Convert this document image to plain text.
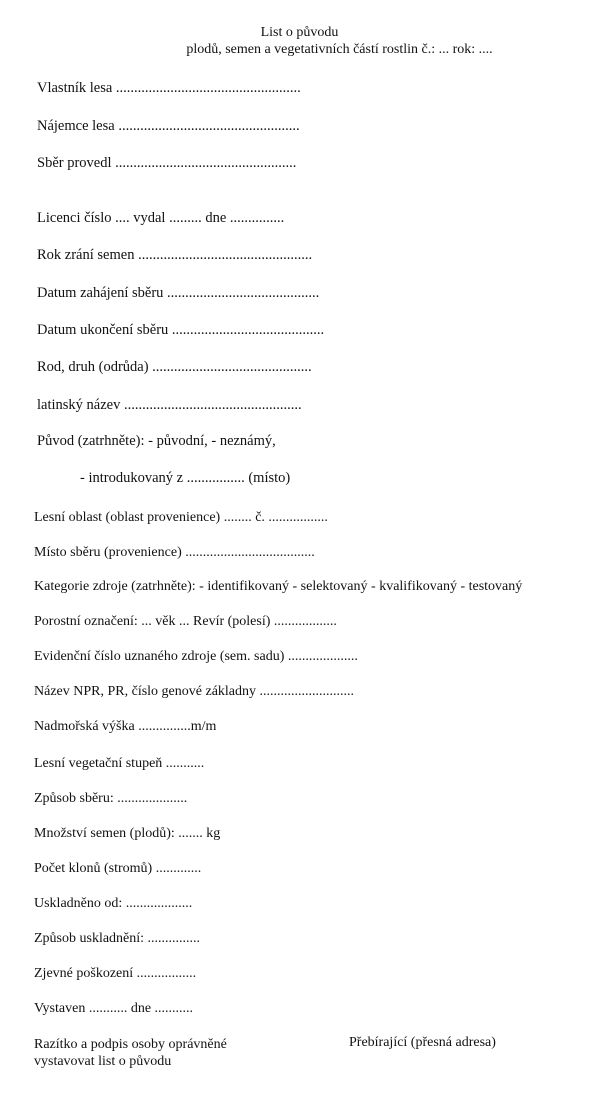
List o původu
plodů, semen a vegetativních částí rostlin č.: ... rok: ....
Vlastník lesa ...................................................
Nájemce lesa ..................................................
Sběr provedl ..................................................
Licenci číslo .... vydal ......... dne ...............
Rok zrání semen ................................................
Datum zahájení sběru ..........................................
Datum ukončení sběru ..........................................
Rod, druh (odrůda) ............................................
latinský název .................................................
Původ (zatrhněte): - původní, - neznámý,
- introdukovaný z ................ (místo)
Lesní oblast (oblast provenience) ........ č. .................
Místo sběru (provenience) .....................................
Kategorie zdroje (zatrhněte): - identifikovaný - selektovaný - kvalifikovaný - testovaný
Porostní označení: ... věk ... Revír (polesí) ..................
Evidenční číslo uznaného zdroje (sem. sadu) ....................
Název NPR, PR, číslo genové základny ...........................
Nadmořská výška ...............m/m
Lesní vegetační stupeň ...........
Způsob sběru: ....................
Množství semen (plodů): ....... kg
Počet klonů (stromů) .............
Uskladněno od: ...................
Způsob uskladnění: ...............
Zjevné poškození .................
Vystaven ........... dne ...........
Razítko a podpis osoby oprávněné
vystavovat list o původu
Přebírající (přesná adresa)
